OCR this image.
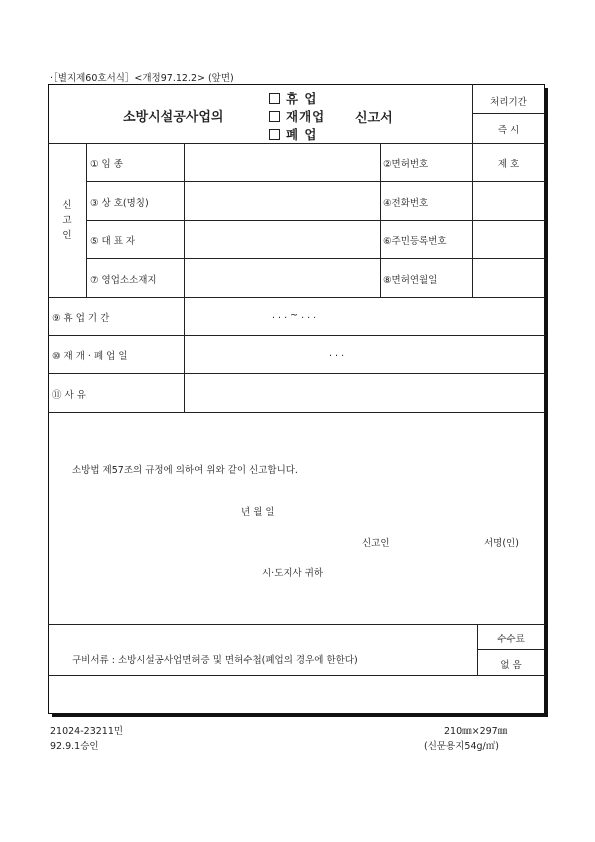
·［별지제60호서식］<개정97.12.2> (앞면)
소방시설공사업의
휴 업
재개업
폐 업
신고서
처리기간
즉 시
신
고
인
① 임 종	②면허번호	제 호
③ 상 호(명칭)	④전화번호
⑤ 대 표 자	⑥주민등록번호
⑦ 영업소소재지	⑧면허연월일
⑨ 휴 업 기 간	. . . ~ . . .
⑩ 재 개 · 폐 업 일	. . .
⑪ 사 유
소방법 제57조의 규정에 의하여 위와 같이 신고합니다.
년 월 일
신고인	서명(인)
시·도지사 귀하
구비서류 : 소방시설공사업면허증 및 면허수첩(폐업의 경우에 한한다)
수수료
없 음
21024-23211민
92.9.1승인
210㎜×297㎜
(신문용지54g/㎡)
